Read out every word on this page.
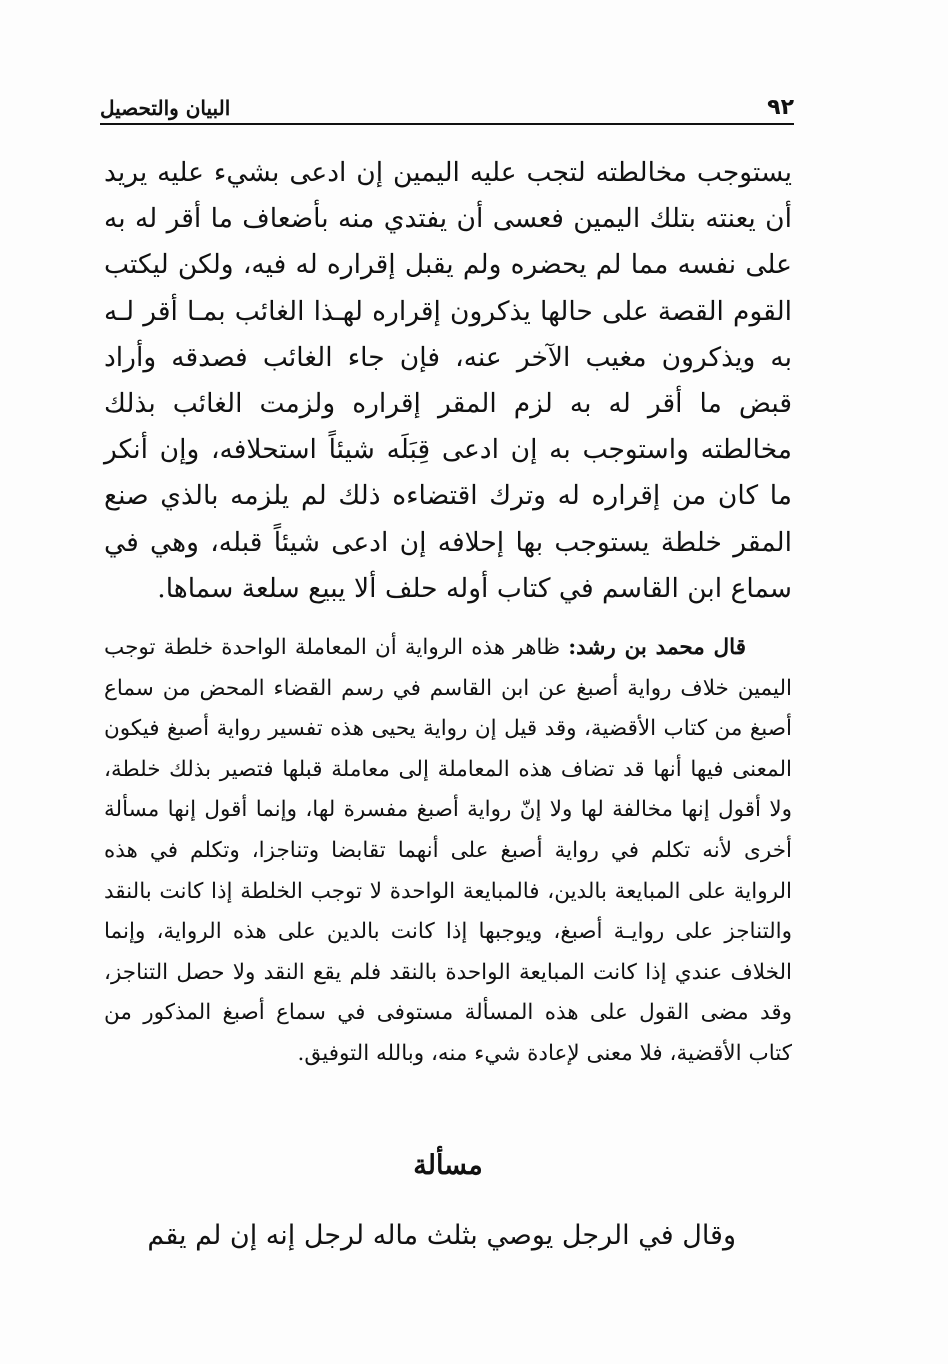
٩٢
البيان والتحصيل

يستوجب مخالطته لتجب عليه اليمين إن ادعى بشيء عليه يريد أن يعنته بتلك اليمين فعسى أن يفتدي منه بأضعاف ما أقر له به على نفسه مما لم يحضره ولم يقبل إقراره له فيه، ولكن ليكتب القوم القصة على حالها يذكرون إقراره لهـذا الغائب بمـا أقر لـه به ويذكرون مغيب الآخر عنه، فإن جاء الغائب فصدقه وأراد قبض ما أقر له به لزم المقر إقراره ولزمت الغائب بذلك مخالطته واستوجب به إن ادعى قِبَلَه شيئاً استحلافه، وإن أنكر ما كان من إقراره له وترك اقتضاءه ذلك لم يلزمه بالذي صنع المقر خلطة يستوجب بها إحلافه إن ادعى شيئاً قبله، وهي في سماع ابن القاسم في كتاب أوله حلف ألا يبيع سلعة سماها.

قال محمد بن رشد: ظاهر هذه الرواية أن المعاملة الواحدة خلطة توجب اليمين خلاف رواية أصبغ عن ابن القاسم في رسم القضاء المحض من سماع أصبغ من كتاب الأقضية، وقد قيل إن رواية يحيى هذه تفسير رواية أصبغ فيكون المعنى فيها أنها قد تضاف هذه المعاملة إلى معاملة قبلها فتصير بذلك خلطة، ولا أقول إنها مخالفة لها ولا إنّ رواية أصبغ مفسرة لها، وإنما أقول إنها مسألة أخرى لأنه تكلم في رواية أصبغ على أنهما تقابضا وتناجزا، وتكلم في هذه الرواية على المبايعة بالدين، فالمبايعة الواحدة لا توجب الخلطة إذا كانت بالنقد والتناجز على روايـة أصبغ، ويوجبها إذا كانت بالدين على هذه الرواية، وإنما الخلاف عندي إذا كانت المبايعة الواحدة بالنقد فلم يقع النقد ولا حصل التناجز، وقد مضى القول على هذه المسألة مستوفى في سماع أصبغ المذكور من كتاب الأقضية، فلا معنى لإعادة شيء منه، وبالله التوفيق.

مسألة

وقال في الرجل يوصي بثلث ماله لرجل إنه إن لم يقم
